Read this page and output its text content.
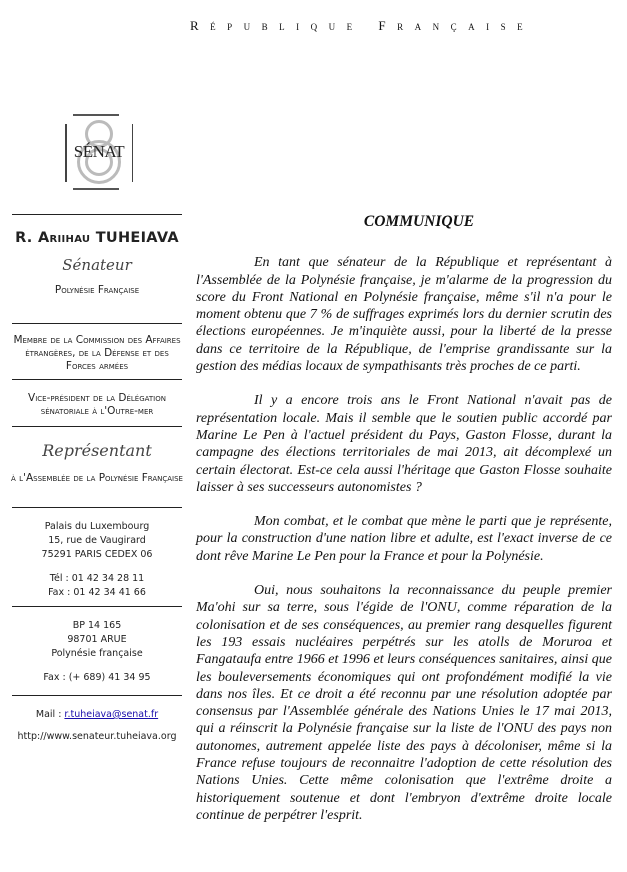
République Française
SÉNAT
R. Ariihau TUHEIAVA
Sénateur
Polynésie Française
Membre de la Commission des Affaires étrangères, de la Défense et des Forces armées
Vice-président de la Délégation sénatoriale à l'Outre-mer
Représentant
à l'Assemblée de la Polynésie Française
Palais du Luxembourg
15, rue de Vaugirard
75291 PARIS CEDEX 06
Tél : 01 42 34 28 11
Fax : 01 42 34 41 66
BP 14 165
98701 ARUE
Polynésie française
Fax : (+ 689) 41 34 95
Mail : r.tuheiava@senat.fr
http://www.senateur.tuheiava.org
COMMUNIQUE

En tant que sénateur de la République et représentant à l'Assemblée de la Polynésie française, je m'alarme de la progression du score du Front National en Polynésie française, même s'il n'a pour le moment obtenu que 7 % de suffrages exprimés lors du dernier scrutin des élections européennes. Je m'inquiète aussi, pour la liberté de la presse dans ce territoire de la République, de l'emprise grandissante sur la gestion des médias locaux de sympathisants très proches de ce parti.

Il y a encore trois ans le Front National n'avait pas de représentation locale. Mais il semble que le soutien public accordé par Marine Le Pen à l'actuel président du Pays, Gaston Flosse, durant la campagne des élections territoriales de mai 2013, ait décomplexé un certain électorat. Est-ce cela aussi l'héritage que Gaston Flosse souhaite laisser à ses successeurs autonomistes ?

Mon combat, et le combat que mène le parti que je représente, pour la construction d'une nation libre et adulte, est l'exact inverse de ce dont rêve Marine Le Pen pour la France et pour la Polynésie.

Oui, nous souhaitons la reconnaissance du peuple premier Ma'ohi sur sa terre, sous l'égide de l'ONU, comme réparation de la colonisation et de ses conséquences, au premier rang desquelles figurent les 193 essais nucléaires perpétrés sur les atolls de Moruroa et Fangataufa entre 1966 et 1996 et leurs conséquences sanitaires, ainsi que les bouleversements économiques qui ont profondément modifié la vie dans nos îles. Et ce droit a été reconnu par une résolution adoptée par consensus par l'Assemblée générale des Nations Unies le 17 mai 2013, qui a réinscrit la Polynésie française sur la liste de l'ONU des pays non autonomes, autrement appelée liste des pays à décoloniser, même si la France refuse toujours de reconnaitre l'adoption de cette résolution des Nations Unies. Cette même colonisation que l'extrême droite a historiquement soutenue et dont l'embryon d'extrême droite locale continue de perpétrer l'esprit.
